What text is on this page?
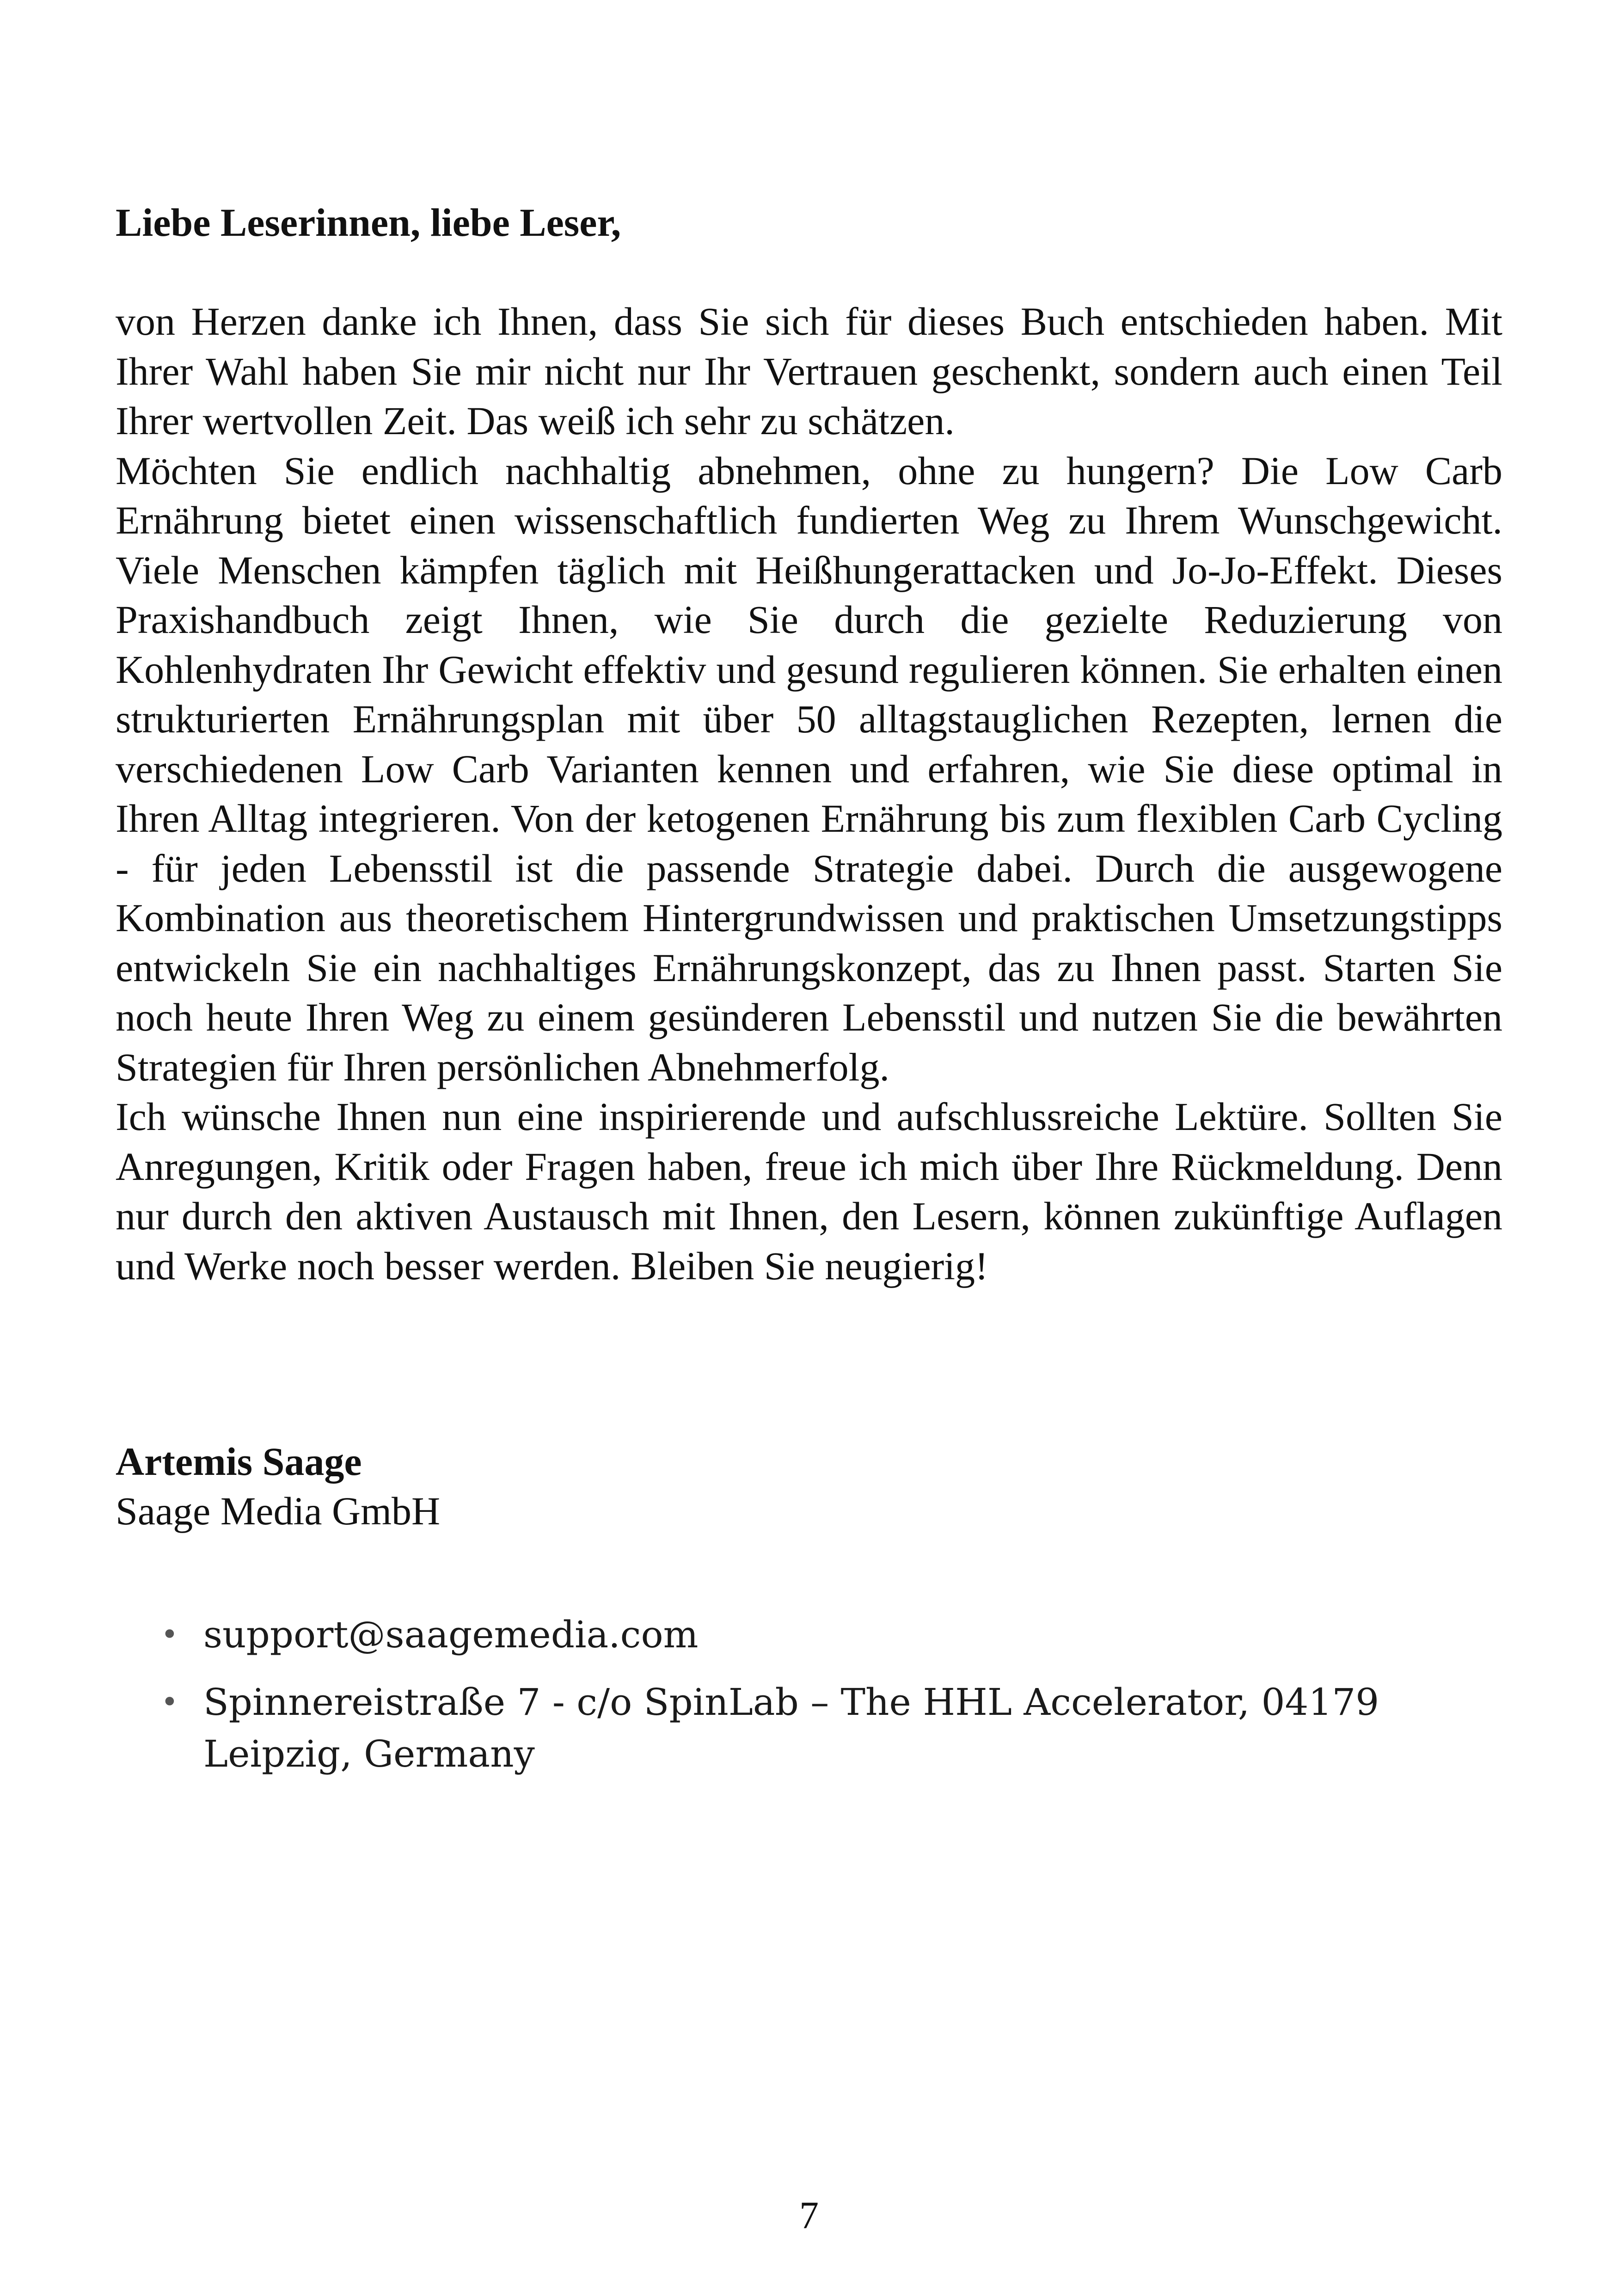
Liebe Leserinnen, liebe Leser,

von Herzen danke ich Ihnen, dass Sie sich für dieses Buch entschieden haben. Mit Ihrer Wahl haben Sie mir nicht nur Ihr Vertrauen geschenkt, sondern auch einen Teil Ihrer wertvollen Zeit. Das weiß ich sehr zu schätzen.

Möchten Sie endlich nachhaltig abnehmen, ohne zu hungern? Die Low Carb Ernährung bietet einen wissenschaftlich fundierten Weg zu Ihrem Wunschgewicht. Viele Menschen kämpfen täglich mit Heißhungerattacken und Jo-Jo-Effekt. Dieses Praxishandbuch zeigt Ihnen, wie Sie durch die gezielte Reduzierung von Kohlenhydraten Ihr Gewicht effektiv und gesund regulieren können. Sie erhalten einen strukturierten Ernährungsplan mit über 50 alltagstauglichen Rezepten, lernen die verschiedenen Low Carb Varianten kennen und erfahren, wie Sie diese optimal in Ihren Alltag integrieren. Von der ketogenen Ernährung bis zum flexiblen Carb Cycling - für jeden Lebensstil ist die passende Strategie dabei. Durch die ausgewogene Kombination aus theoretischem Hintergrundwissen und praktischen Umsetzungstipps entwickeln Sie ein nachhaltiges Ernährungskonzept, das zu Ihnen passt. Starten Sie noch heute Ihren Weg zu einem gesünderen Lebensstil und nutzen Sie die bewährten Strategien für Ihren persönlichen Abnehmerfolg.

Ich wünsche Ihnen nun eine inspirierende und aufschlussreiche Lektüre. Sollten Sie Anregungen, Kritik oder Fragen haben, freue ich mich über Ihre Rückmeldung. Denn nur durch den aktiven Austausch mit Ihnen, den Lesern, können zukünftige Auflagen und Werke noch besser werden. Bleiben Sie neugierig!

Artemis Saage
Saage Media GmbH
• support@saagemedia.com
• Spinnereistraße 7 - c/o SpinLab – The HHL Accelerator, 04179 Leipzig, Germany
7
